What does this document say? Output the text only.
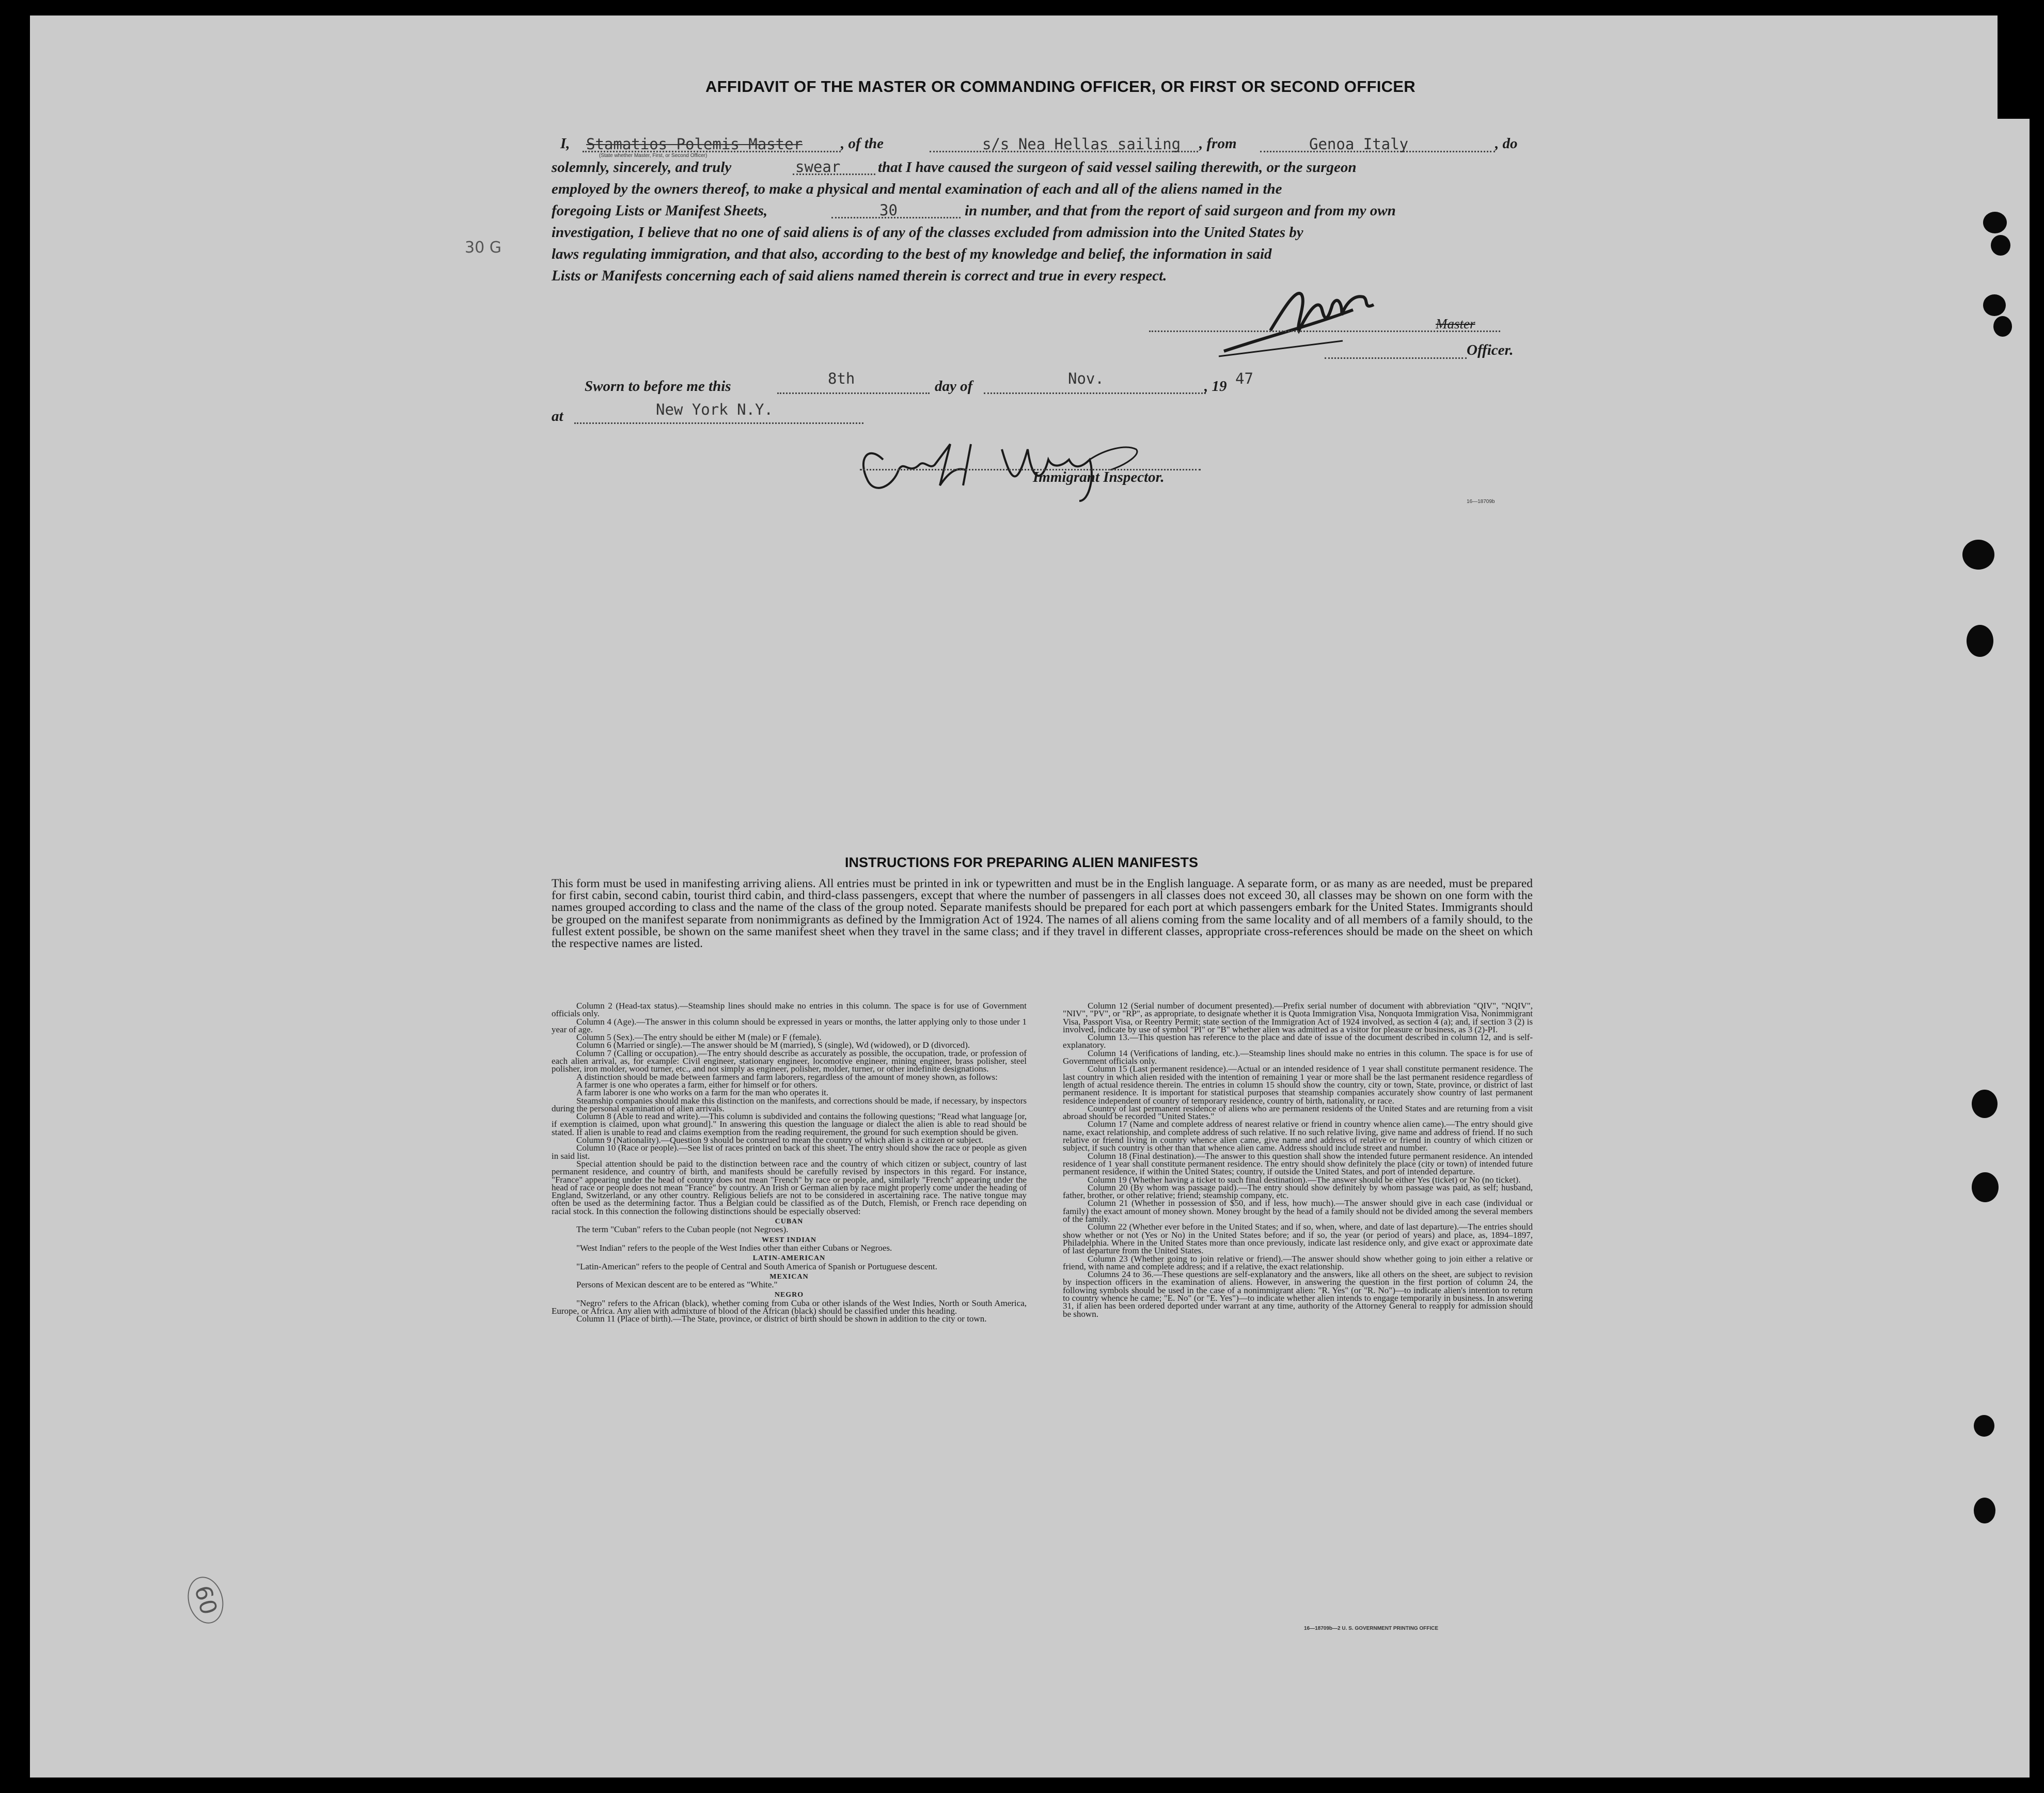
30 G
60
AFFIDAVIT OF THE MASTER OR COMMANDING OFFICER, OR FIRST OR SECOND OFFICER
I, Stamatios Polemis Master	, of the	s/s Nea Hellas sailing , from	Genoa Italy	, do
(State whether Master, First, or Second Officer)
solemnly, sincerely, and truly	swear	that I have caused the surgeon of said vessel sailing therewith, or the surgeon
employed by the owners thereof, to make a physical and mental examination of each and all of the aliens named in the
foregoing Lists or Manifest Sheets,	30	in number, and that from the report of said surgeon and from my own
investigation, I believe that no one of said aliens is of any of the classes excluded from admission into the United States by
laws regulating immigration, and that also, according to the best of my knowledge and belief, the information in said
Lists or Manifests concerning each of said aliens named therein is correct and true in every respect.
Master
Officer.
Sworn to before me this	8th	day of	Nov.	, 19 47
at	New York N.Y.
Immigrant Inspector.
16—18709b
INSTRUCTIONS FOR PREPARING ALIEN MANIFESTS
This form must be used in manifesting arriving aliens. All entries must be printed in ink or typewritten and must be in the English language. A separate form, or as many as are needed, must be prepared for first cabin, second cabin, tourist third cabin, and third-class passengers, except that where the number of passengers in all classes does not exceed 30, all classes may be shown on one form with the names grouped according to class and the name of the class of the group noted. Separate manifests should be prepared for each port at which passengers embark for the United States. Immigrants should be grouped on the manifest separate from nonimmigrants as defined by the Immigration Act of 1924. The names of all aliens coming from the same locality and of all members of a family should, to the fullest extent possible, be shown on the same manifest sheet when they travel in the same class; and if they travel in different classes, appropriate cross-references should be made on the sheet on which the respective names are listed.

Column 2 (Head-tax status).—Steamship lines should make no entries in this column. The space is for use of Government officials only.

Column 4 (Age).—The answer in this column should be expressed in years or months, the latter applying only to those under 1 year of age.

Column 5 (Sex).—The entry should be either M (male) or F (female).

Column 6 (Married or single).—The answer should be M (married), S (single), Wd (widowed), or D (divorced).

Column 7 (Calling or occupation).—The entry should describe as accurately as possible, the occupation, trade, or profession of each alien arrival, as, for example: Civil engineer, stationary engineer, locomotive engineer, mining engineer, brass polisher, steel polisher, iron molder, wood turner, etc., and not simply as engineer, polisher, molder, turner, or other indefinite designations.

A distinction should be made between farmers and farm laborers, regardless of the amount of money shown, as follows:

A farmer is one who operates a farm, either for himself or for others.

A farm laborer is one who works on a farm for the man who operates it.

Steamship companies should make this distinction on the manifests, and corrections should be made, if necessary, by inspectors during the personal examination of alien arrivals.

Column 8 (Able to read and write).—This column is subdivided and contains the following questions; "Read what language [or, if exemption is claimed, upon what ground]." In answering this question the language or dialect the alien is able to read should be stated. If alien is unable to read and claims exemption from the reading requirement, the ground for such exemption should be given.

Column 9 (Nationality).—Question 9 should be construed to mean the country of which alien is a citizen or subject.

Column 10 (Race or people).—See list of races printed on back of this sheet. The entry should show the race or people as given in said list.

Special attention should be paid to the distinction between race and the country of which citizen or subject, country of last permanent residence, and country of birth, and manifests should be carefully revised by inspectors in this regard. For instance, "France" appearing under the head of country does not mean "French" by race or people, and, similarly "French" appearing under the head of race or people does not mean "France" by country. An Irish or German alien by race might properly come under the heading of England, Switzerland, or any other country. Religious beliefs are not to be considered in ascertaining race. The native tongue may often be used as the determining factor. Thus a Belgian could be classified as of the Dutch, Flemish, or French race depending on racial stock. In this connection the following distinctions should be especially observed:

CUBAN

The term "Cuban" refers to the Cuban people (not Negroes).

WEST INDIAN

"West Indian" refers to the people of the West Indies other than either Cubans or Negroes.

LATIN-AMERICAN

"Latin-American" refers to the people of Central and South America of Spanish or Portuguese descent.

MEXICAN

Persons of Mexican descent are to be entered as "White."

NEGRO

"Negro" refers to the African (black), whether coming from Cuba or other islands of the West Indies, North or South America, Europe, or Africa. Any alien with admixture of blood of the African (black) should be classified under this heading.

Column 11 (Place of birth).—The State, province, or district of birth should be shown in addition to the city or town.

Column 12 (Serial number of document presented).—Prefix serial number of document with abbreviation "QIV", "NQIV", "NIV", "PV", or "RP", as appropriate, to designate whether it is Quota Immigration Visa, Nonquota Immigration Visa, Nonimmigrant Visa, Passport Visa, or Reentry Permit; state section of the Immigration Act of 1924 involved, as section 4 (a); and, if section 3 (2) is involved, indicate by use of symbol "PI" or "B" whether alien was admitted as a visitor for pleasure or business, as 3 (2)-PI.

Column 13.—This question has reference to the place and date of issue of the document described in column 12, and is self-explanatory.

Column 14 (Verifications of landing, etc.).—Steamship lines should make no entries in this column. The space is for use of Government officials only.

Column 15 (Last permanent residence).—Actual or an intended residence of 1 year shall constitute permanent residence. The last country in which alien resided with the intention of remaining 1 year or more shall be the last permanent residence regardless of length of actual residence therein. The entries in column 15 should show the country, city or town, State, province, or district of last permanent residence. It is important for statistical purposes that steamship companies accurately show country of last permanent residence independent of country of temporary residence, country of birth, nationality, or race.

Country of last permanent residence of aliens who are permanent residents of the United States and are returning from a visit abroad should be recorded "United States."

Column 17 (Name and complete address of nearest relative or friend in country whence alien came).—The entry should give name, exact relationship, and complete address of such relative. If no such relative living, give name and address of friend. If no such relative or friend living in country whence alien came, give name and address of relative or friend in country of which citizen or subject, if such country is other than that whence alien came. Address should include street and number.

Column 18 (Final destination).—The answer to this question shall show the intended future permanent residence. An intended residence of 1 year shall constitute permanent residence. The entry should show definitely the place (city or town) of intended future permanent residence, if within the United States; country, if outside the United States, and port of intended departure.

Column 19 (Whether having a ticket to such final destination).—The answer should be either Yes (ticket) or No (no ticket).

Column 20 (By whom was passage paid).—The entry should show definitely by whom passage was paid, as self; husband, father, brother, or other relative; friend; steamship company, etc.

Column 21 (Whether in possession of $50, and if less, how much).—The answer should give in each case (individual or family) the exact amount of money shown. Money brought by the head of a family should not be divided among the several members of the family.

Column 22 (Whether ever before in the United States; and if so, when, where, and date of last departure).—The entries should show whether or not (Yes or No) in the United States before; and if so, the year (or period of years) and place, as, 1894–1897, Philadelphia. Where in the United States more than once previously, indicate last residence only, and give exact or approximate date of last departure from the United States.

Column 23 (Whether going to join relative or friend).—The answer should show whether going to join either a relative or friend, with name and complete address; and if a relative, the exact relationship.

Columns 24 to 36.—These questions are self-explanatory and the answers, like all others on the sheet, are subject to revision by inspection officers in the examination of aliens. However, in answering the question in the first portion of column 24, the following symbols should be used in the case of a nonimmigrant alien: "R. Yes" (or "R. No")—to indicate alien's intention to return to country whence he came; "E. No" (or "E. Yes")—to indicate whether alien intends to engage temporarily in business. In answering 31, if alien has been ordered deported under warrant at any time, authority of the Attorney General to reapply for admission should be shown.

16—18709b—2 U. S. GOVERNMENT PRINTING OFFICE
